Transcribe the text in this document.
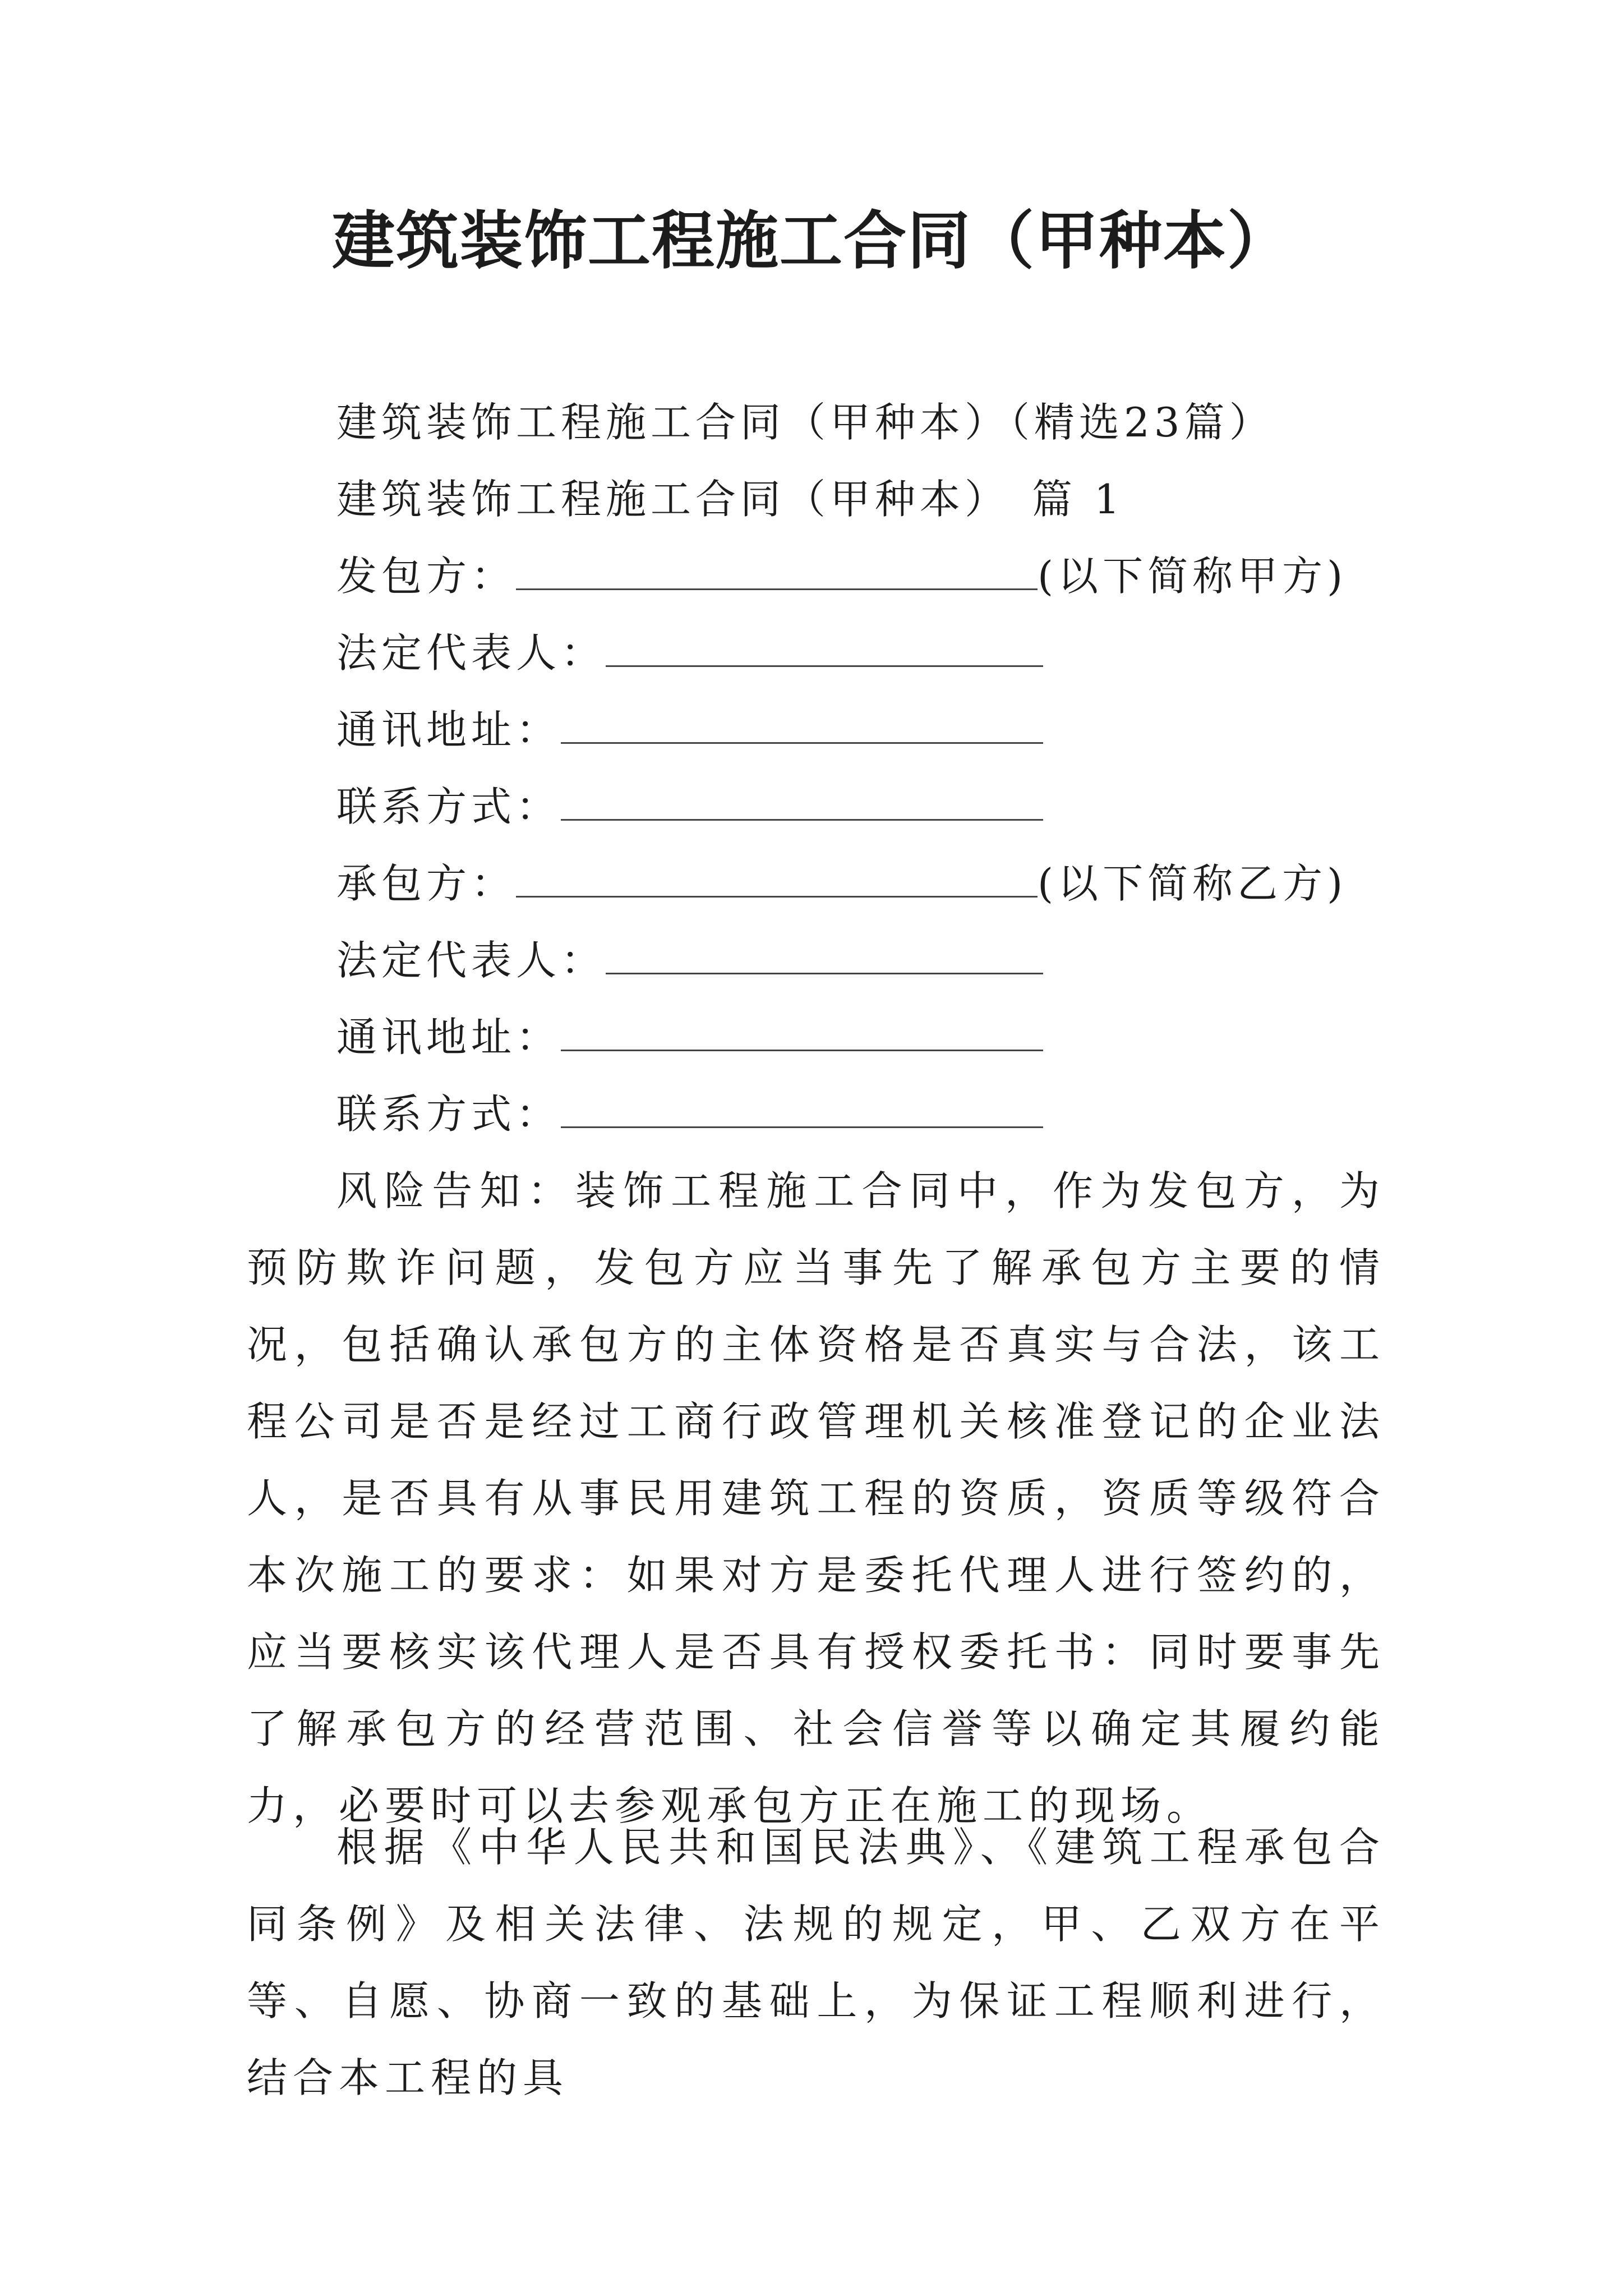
建筑装饰工程施工合同（甲种本）
建筑装饰工程施工合同（甲种本）（精选23篇）
建筑装饰工程施工合同（甲种本） 篇 1
发包方：	(以下简称甲方)
法定代表人：
通讯地址：
联系方式：
承包方：	(以下简称乙方)
法定代表人：
通讯地址：
联系方式：

风险告知：装饰工程施工合同中，作为发包方，为预防欺诈问题，发包方应当事先了解承包方主要的情况，包括确认承包方的主体资格是否真实与合法，该工程公司是否是经过工商行政管理机关核准登记的企业法人，是否具有从事民用建筑工程的资质，资质等级符合本次施工的要求：如果对方是委托代理人进行签约的，应当要核实该代理人是否具有授权委托书：同时要事先了解承包方的经营范围、社会信誉等以确定其履约能力，必要时可以去参观承包方正在施工的现场。

根据《中华人民共和国民法典》、《建筑工程承包合同条例》及相关法律、法规的规定，甲、乙双方在平等、自愿、协商一致的基础上，为保证工程顺利进行，结合本工程的具
